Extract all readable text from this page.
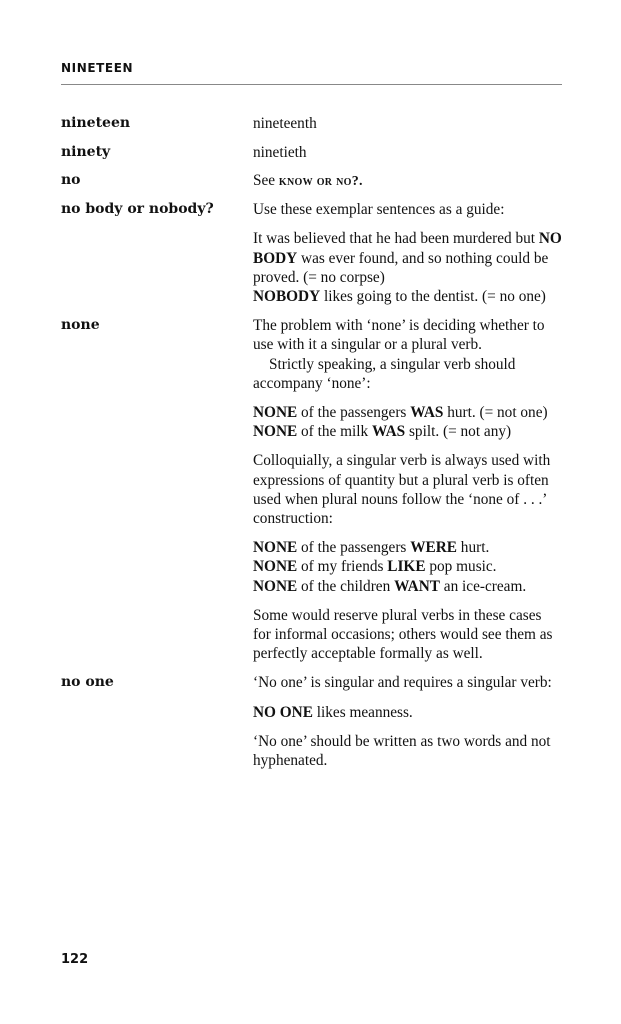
NINETEEN
nineteen	nineteenth

ninety	ninetieth

no	See know or no?.

no body or nobody?	Use these exemplar sentences as a guide:

It was believed that he had been murdered but NO BODY was ever found, and so nothing could be proved. (= no corpse)

NOBODY likes going to the dentist. (= no one)

none	The problem with ‘none’ is deciding whether to use with it a singular or a plural verb.

Strictly speaking, a singular verb should accompany ‘none’:

NONE of the passengers WAS hurt. (= not one)

NONE of the milk WAS spilt. (= not any)

Colloquially, a singular verb is always used with expressions of quantity but a plural verb is often used when plural nouns follow the ‘none of . . .’ construction:

NONE of the passengers WERE hurt.

NONE of my friends LIKE pop music.

NONE of the children WANT an ice-cream.

Some would reserve plural verbs in these cases for informal occasions; others would see them as perfectly acceptable formally as well.

no one	‘No one’ is singular and requires a singular verb:

NO ONE likes meanness.

‘No one’ should be written as two words and not hyphenated.

122
